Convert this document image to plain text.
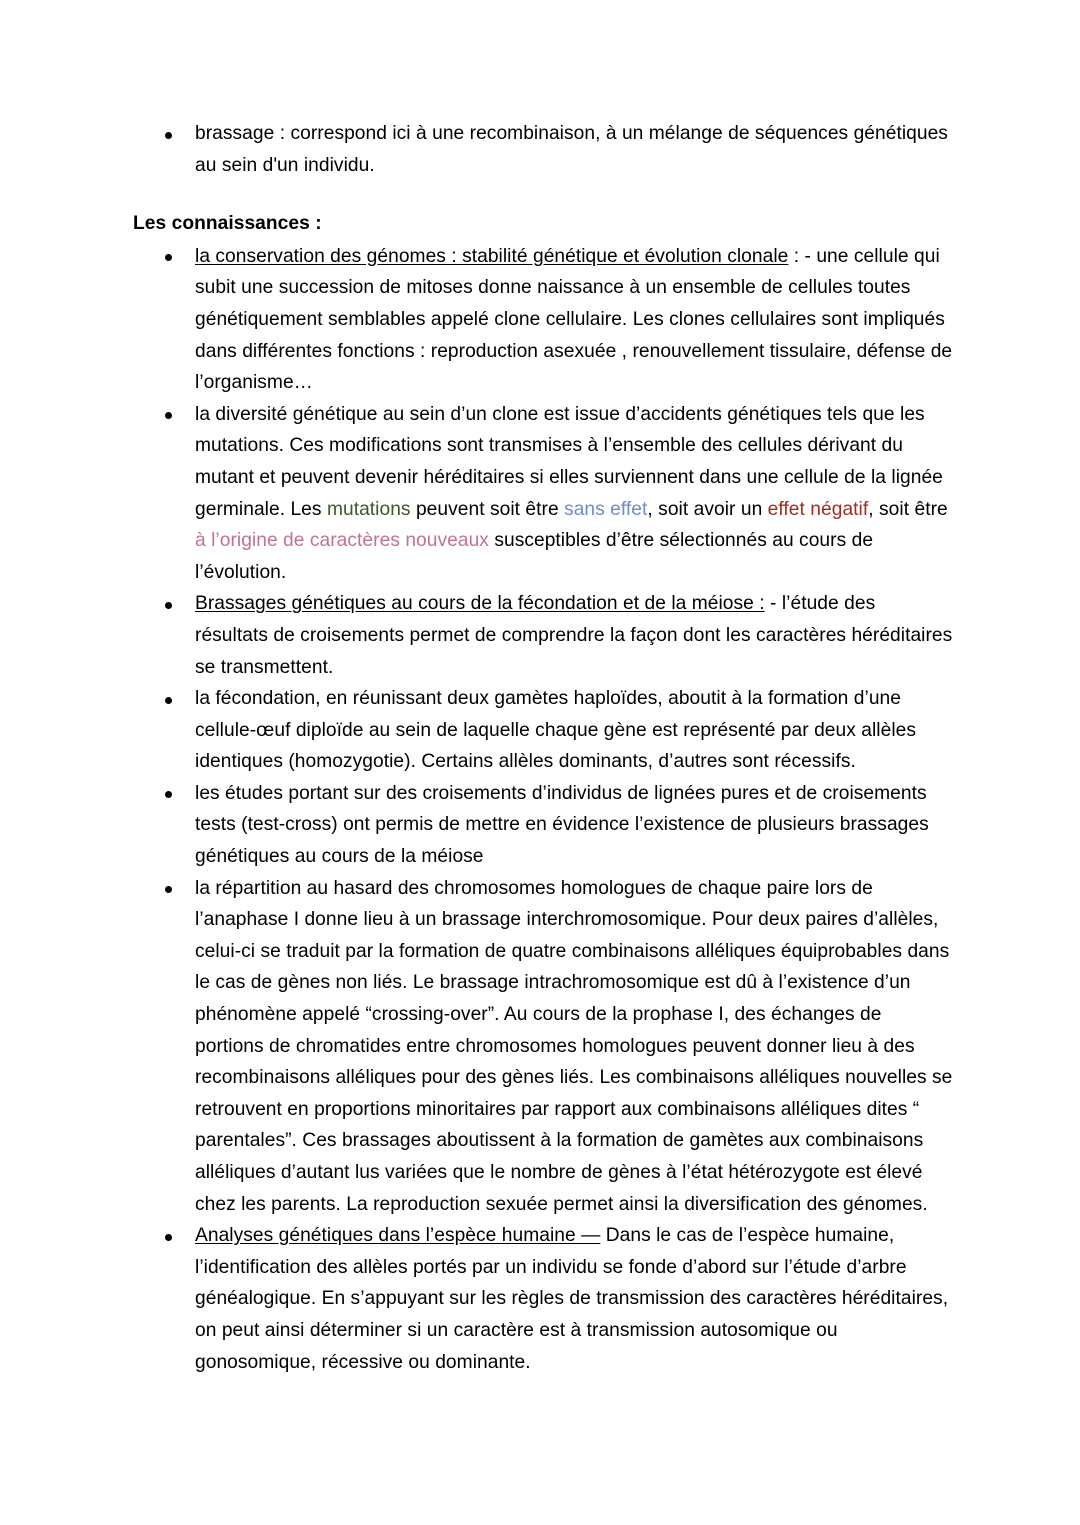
brassage : correspond ici à une recombinaison, à un mélange de séquences génétiques au sein d'un individu.

Les connaissances :

la conservation des génomes : stabilité génétique et évolution clonale : - une cellule qui subit une succession de mitoses donne naissance à un ensemble de cellules toutes génétiquement semblables appelé clone cellulaire. Les clones cellulaires sont impliqués dans différentes fonctions : reproduction asexuée , renouvellement tissulaire, défense de l’organisme…
la diversité génétique au sein d’un clone est issue d’accidents génétiques tels que les mutations. Ces modifications sont transmises à l’ensemble des cellules dérivant du mutant et peuvent devenir héréditaires si elles surviennent dans une cellule de la lignée germinale. Les mutations peuvent soit être sans effet, soit avoir un effet négatif, soit être à l’origine de caractères nouveaux susceptibles d’être sélectionnés au cours de l’évolution.
Brassages génétiques au cours de la fécondation et de la méiose : - l’étude des résultats de croisements permet de comprendre la façon dont les caractères héréditaires se transmettent.
la fécondation, en réunissant deux gamètes haploïdes, aboutit à la formation d’une cellule-œuf diploïde au sein de laquelle chaque gène est représenté par deux allèles identiques (homozygotie). Certains allèles dominants, d’autres sont récessifs.
les études portant sur des croisements d’individus de lignées pures et de croisements tests (test-cross) ont permis de mettre en évidence l’existence de plusieurs brassages génétiques au cours de la méiose
la répartition au hasard des chromosomes homologues de chaque paire lors de l’anaphase I donne lieu à un brassage interchromosomique. Pour deux paires d’allèles, celui-ci se traduit par la formation de quatre combinaisons alléliques équiprobables dans le cas de gènes non liés. Le brassage intrachromosomique est dû à l’existence d’un phénomène appelé “crossing-over”. Au cours de la prophase I, des échanges de portions de chromatides entre chromosomes homologues peuvent donner lieu à des recombinaisons alléliques pour des gènes liés. Les combinaisons alléliques nouvelles se retrouvent en proportions minoritaires par rapport aux combinaisons alléliques dites “ parentales”. Ces brassages aboutissent à la formation de gamètes aux combinaisons alléliques d’autant lus variées que le nombre de gènes à l’état hétérozygote est élevé chez les parents. La reproduction sexuée permet ainsi la diversification des génomes.
Analyses génétiques dans l’espèce humaine — Dans le cas de l’espèce humaine, l’identification des allèles portés par un individu se fonde d’abord sur l’étude d’arbre généalogique. En s’appuyant sur les règles de transmission des caractères héréditaires, on peut ainsi déterminer si un caractère est à transmission autosomique ou gonosomique, récessive ou dominante.
